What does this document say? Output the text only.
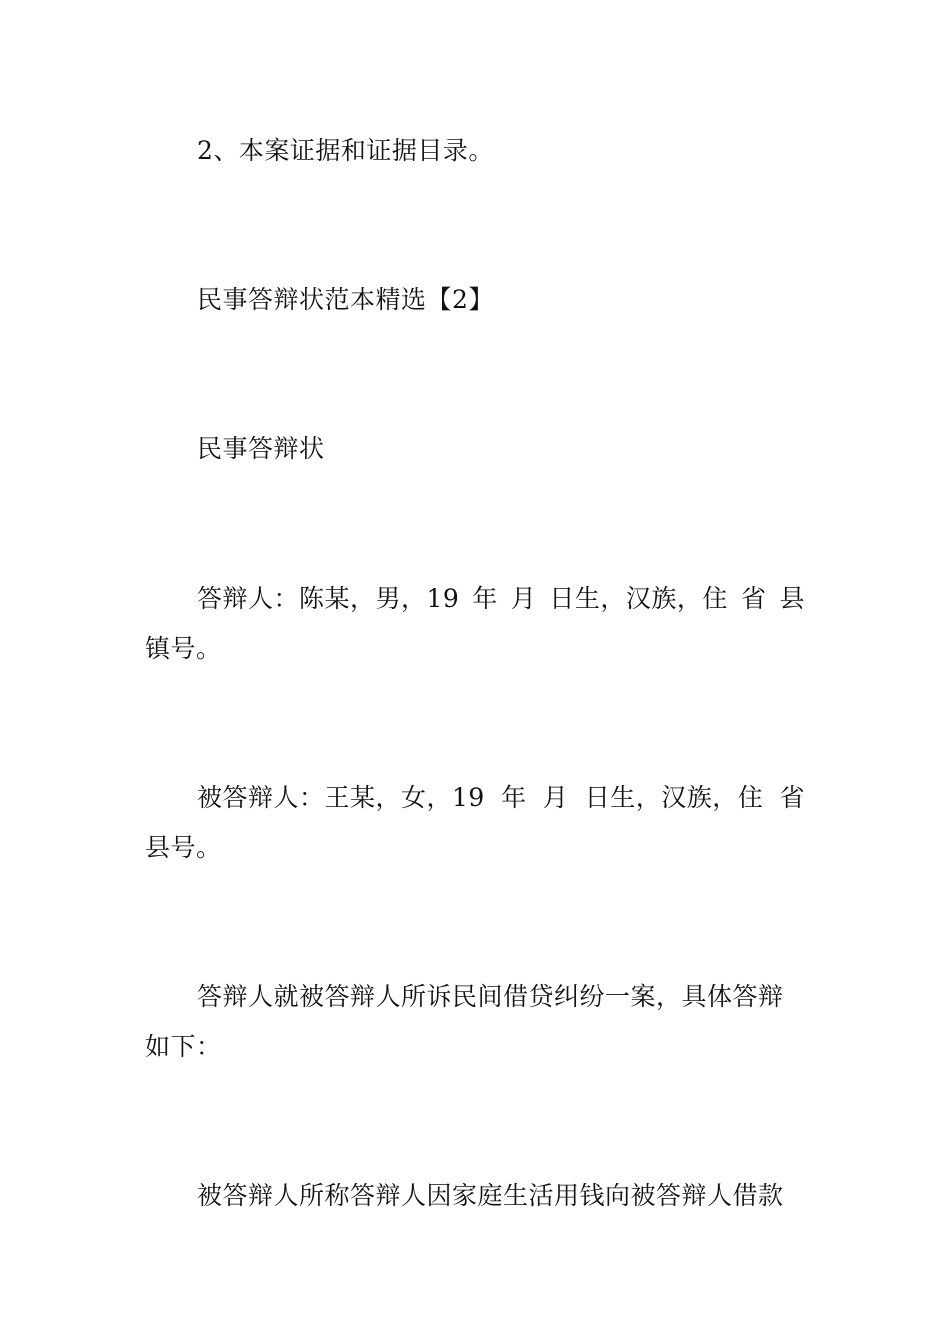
2、本案证据和证据目录。
民事答辩状范本精选【2】
民事答辩状
答辩人：陈某，男，19 年 月 日生，汉族，住 省 县
镇号。
被答辩人：王某，女，19 年 月 日生，汉族，住 省
县号。
答辩人就被答辩人所诉民间借贷纠纷一案，具体答辩
如下：
被答辩人所称答辩人因家庭生活用钱向被答辩人借款
